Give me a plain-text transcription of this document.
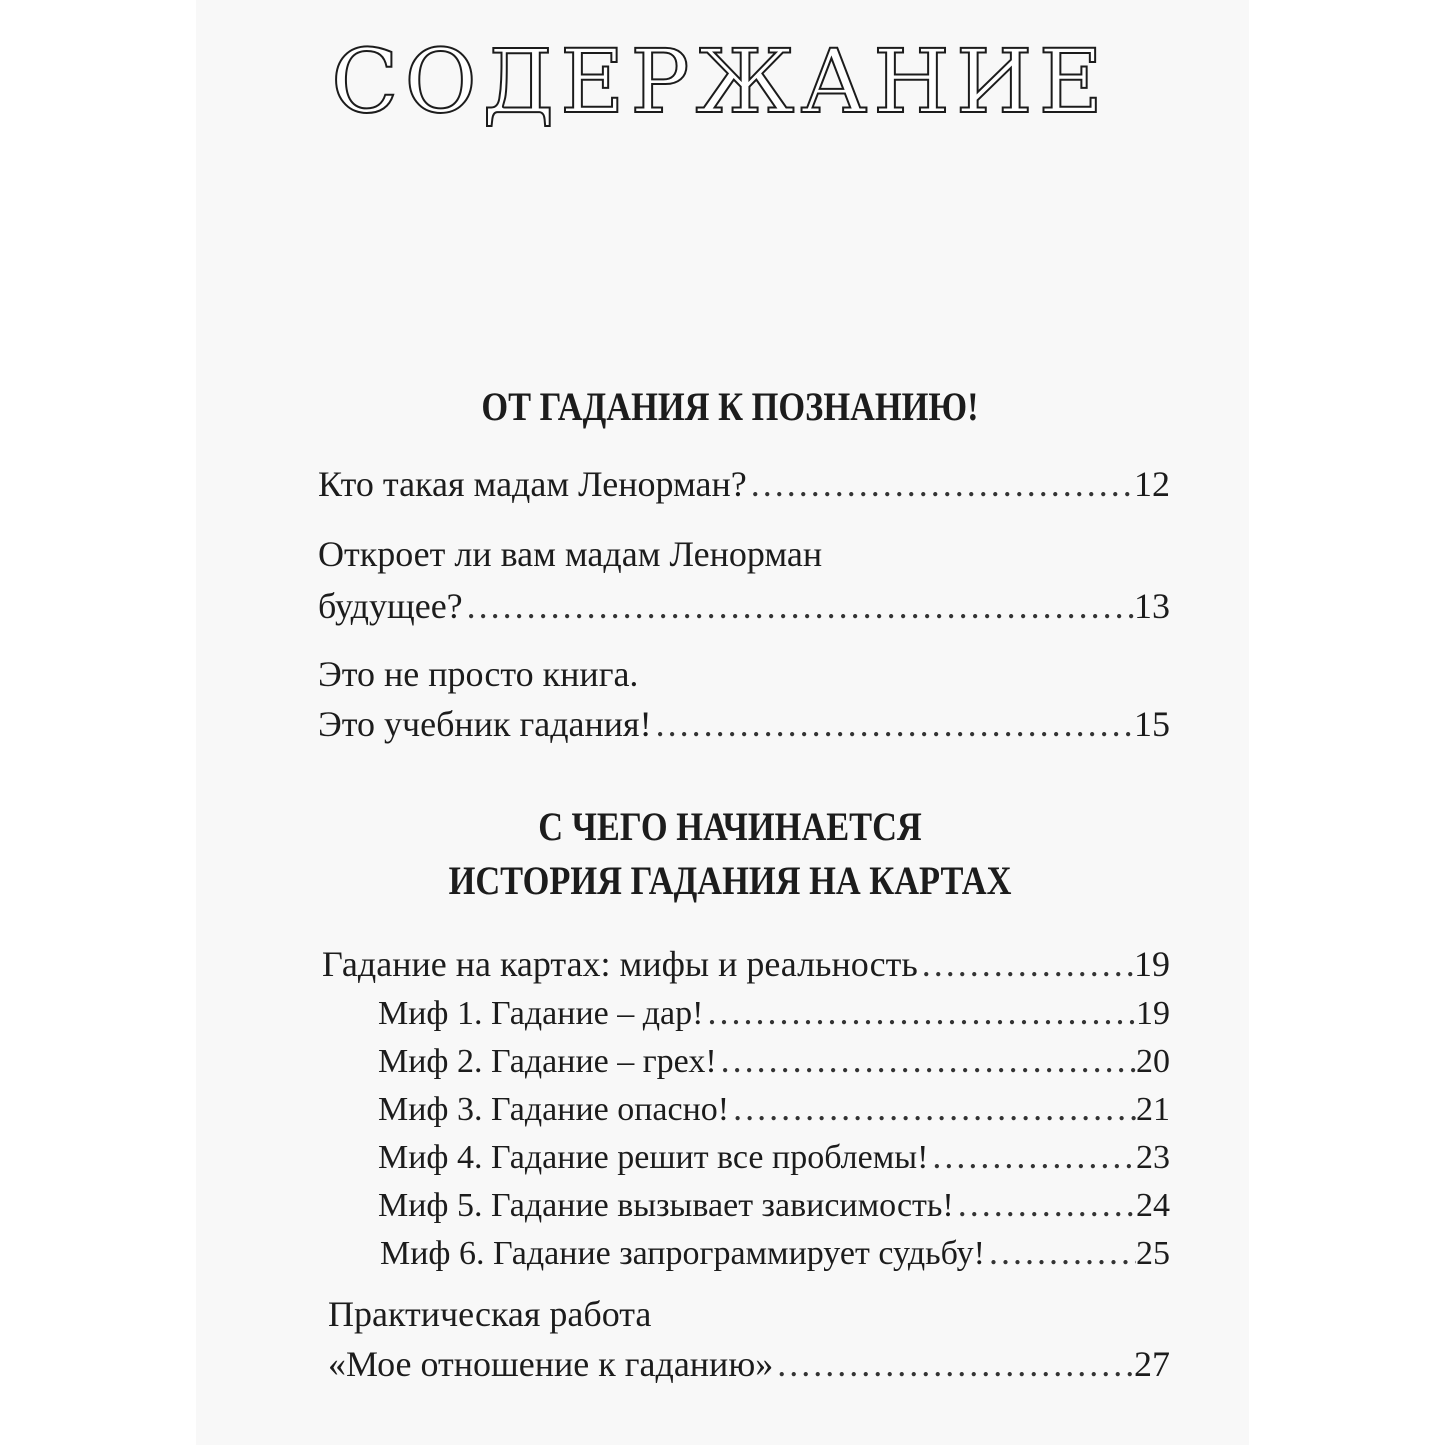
СОДЕРЖАНИЕ
ОТ ГАДАНИЯ К ПОЗНАНИЮ!
Кто такая мадам Ленорман? . . .	12
Откроет ли вам мадам Ленорман
будущее? . . .	13
Это не просто книга.
Это учебник гадания! . . .	15
С ЧЕГО НАЧИНАЕТСЯ
ИСТОРИЯ ГАДАНИЯ НА КАРТАХ
Гадание на картах: мифы и реальность . . .	19
Миф 1. Гадание – дар! . . .	19
Миф 2. Гадание – грех! . . .	20
Миф 3. Гадание опасно! . . .	21
Миф 4. Гадание решит все проблемы! . . .	23
Миф 5. Гадание вызывает зависимость! . . .	24
Миф 6. Гадание запрограммирует судьбу! . . .	25
Практическая работа
«Мое отношение к гаданию» . . .	27
